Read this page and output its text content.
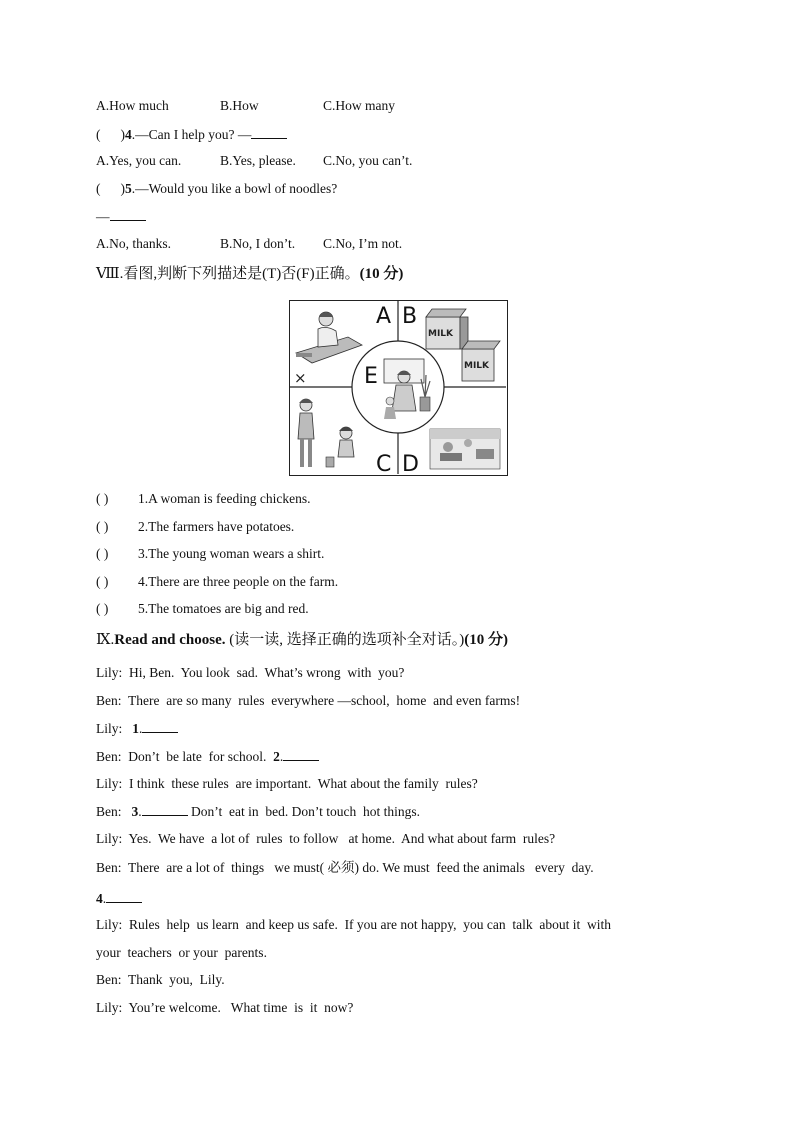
A.How much	B.How	C.How many
( )4.—Can I help you? —
A.Yes, you can.	B.Yes, please. C.No, you can’t.
( )5.—Would you like a bowl of noodles?
—
A.No, thanks.	B.No, I don’t. C.No, I’m not.
Ⅷ.看图,判断下列描述是(T)否(F)正确。(10 分)
×
MILK
MILK
A B
C D
E
( ) 1.A woman is feeding chickens.
( ) 2.The farmers have potatoes.
( ) 3.The young woman wears a shirt.
( ) 4.There are three people on the farm.
( ) 5.The tomatoes are big and red.
Ⅸ.Read and choose. (读一读, 选择正确的选项补全对话。)(10 分)
Lily:  Hi, Ben.  You look  sad.  What’s wrong  with  you?
Ben:  There  are so many  rules  everywhere —school,  home  and even farms!
Lily: 1.
Ben:  Don’t  be late  for school.  2.
Lily:  I think  these rules  are important.  What about the family  rules?
Ben: 3.	Don’t  eat in  bed. Don’t touch  hot things.
Lily:  Yes.  We have  a lot of  rules  to follow   at home.  And what about farm  rules?
Ben:  There  are a lot of  things   we must( 必须) do. We must  feed the animals   every  day.
4.
Lily:  Rules  help  us learn  and keep us safe.  If you are not happy,  you can  talk  about it  with
your  teachers  or your  parents.
Ben:  Thank  you,  Lily.
Lily:  You’re welcome.   What time  is  it  now?
